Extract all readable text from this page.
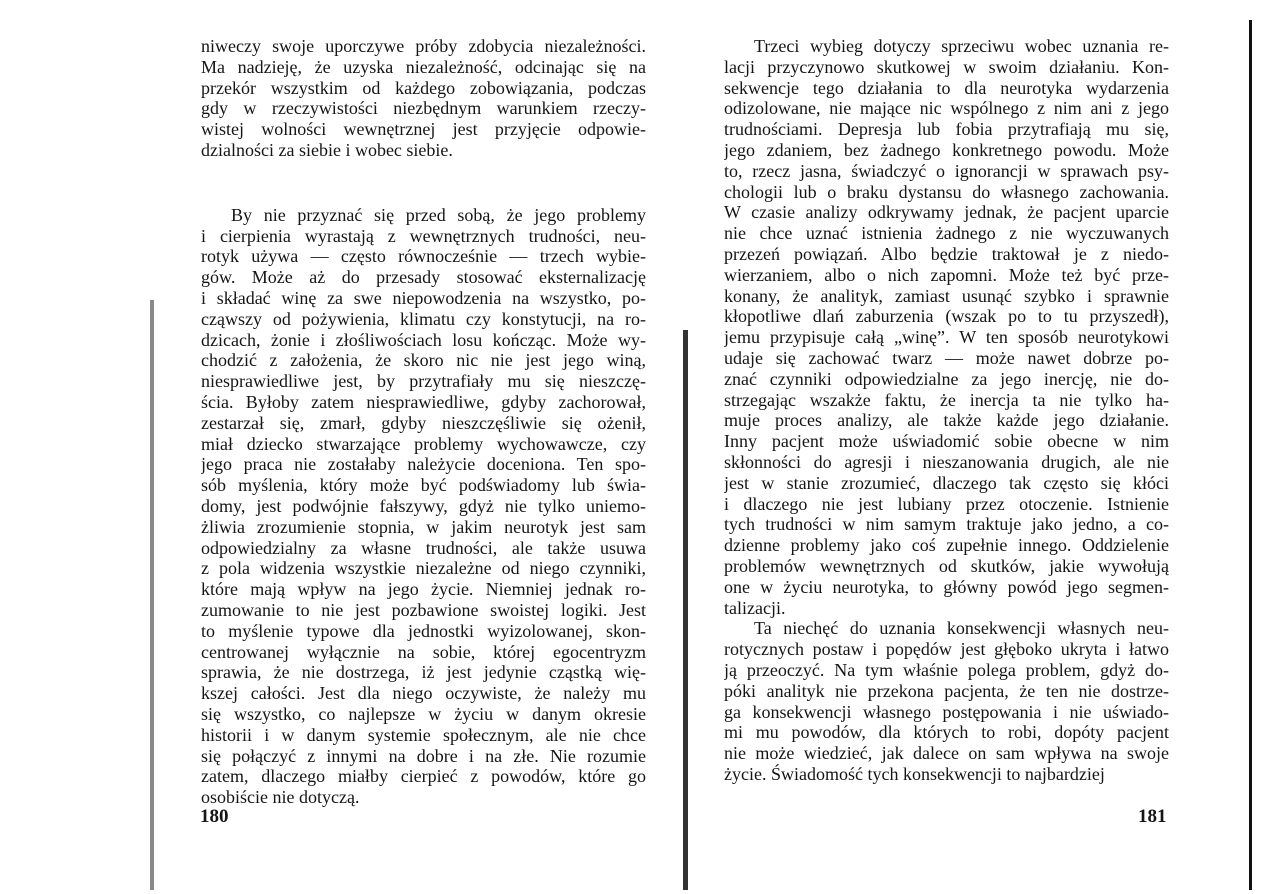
niweczy swoje uporczywe próby zdobycia niezależności.
Ma nadzieję, że uzyska niezależność, odcinając się na
przekór wszystkim od każdego zobowiązania, podczas
gdy w rzeczywistości niezbędnym warunkiem rzeczy-
wistej wolności wewnętrznej jest przyjęcie odpowie-
dzialności za siebie i wobec siebie.
By nie przyznać się przed sobą, że jego problemy
i cierpienia wyrastają z wewnętrznych trudności, neu-
rotyk używa — często równocześnie — trzech wybie-
gów. Może aż do przesady stosować eksternalizację
i składać winę za swe niepowodzenia na wszystko, po-
cząwszy od pożywienia, klimatu czy konstytucji, na ro-
dzicach, żonie i złośliwościach losu kończąc. Może wy-
chodzić z założenia, że skoro nic nie jest jego winą,
niesprawiedliwe jest, by przytrafiały mu się nieszczę-
ścia. Byłoby zatem niesprawiedliwe, gdyby zachorował,
zestarzał się, zmarł, gdyby nieszczęśliwie się ożenił,
miał dziecko stwarzające problemy wychowawcze, czy
jego praca nie zostałaby należycie doceniona. Ten spo-
sób myślenia, który może być podświadomy lub świa-
domy, jest podwójnie fałszywy, gdyż nie tylko uniemo-
żliwia zrozumienie stopnia, w jakim neurotyk jest sam
odpowiedzialny za własne trudności, ale także usuwa
z pola widzenia wszystkie niezależne od niego czynniki,
które mają wpływ na jego życie. Niemniej jednak ro-
zumowanie to nie jest pozbawione swoistej logiki. Jest
to myślenie typowe dla jednostki wyizolowanej, skon-
centrowanej wyłącznie na sobie, której egocentryzm
sprawia, że nie dostrzega, iż jest jedynie cząstką wię-
kszej całości. Jest dla niego oczywiste, że należy mu
się wszystko, co najlepsze w życiu w danym okresie
historii i w danym systemie społecznym, ale nie chce
się połączyć z innymi na dobre i na złe. Nie rozumie
zatem, dlaczego miałby cierpieć z powodów, które go
osobiście nie dotyczą.
Trzeci wybieg dotyczy sprzeciwu wobec uznania re-
lacji przyczynowo skutkowej w swoim działaniu. Kon-
sekwencje tego działania to dla neurotyka wydarzenia
odizolowane, nie mające nic wspólnego z nim ani z jego
trudnościami. Depresja lub fobia przytrafiają mu się,
jego zdaniem, bez żadnego konkretnego powodu. Może
to, rzecz jasna, świadczyć o ignorancji w sprawach psy-
chologii lub o braku dystansu do własnego zachowania.
W czasie analizy odkrywamy jednak, że pacjent uparcie
nie chce uznać istnienia żadnego z nie wyczuwanych
przezeń powiązań. Albo będzie traktował je z niedo-
wierzaniem, albo o nich zapomni. Może też być prze-
konany, że analityk, zamiast usunąć szybko i sprawnie
kłopotliwe dlań zaburzenia (wszak po to tu przyszedł),
jemu przypisuje całą „winę”. W ten sposób neurotykowi
udaje się zachować twarz — może nawet dobrze po-
znać czynniki odpowiedzialne za jego inercję, nie do-
strzegając wszakże faktu, że inercja ta nie tylko ha-
muje proces analizy, ale także każde jego działanie.
Inny pacjent może uświadomić sobie obecne w nim
skłonności do agresji i nieszanowania drugich, ale nie
jest w stanie zrozumieć, dlaczego tak często się kłóci
i dlaczego nie jest lubiany przez otoczenie. Istnienie
tych trudności w nim samym traktuje jako jedno, a co-
dzienne problemy jako coś zupełnie innego. Oddzielenie
problemów wewnętrznych od skutków, jakie wywołują
one w życiu neurotyka, to główny powód jego segmen-
talizacji.
Ta niechęć do uznania konsekwencji własnych neu-
rotycznych postaw i popędów jest głęboko ukryta i łatwo
ją przeoczyć. Na tym właśnie polega problem, gdyż do-
póki analityk nie przekona pacjenta, że ten nie dostrze-
ga konsekwencji własnego postępowania i nie uświado-
mi mu powodów, dla których to robi, dopóty pacjent
nie może wiedzieć, jak dalece on sam wpływa na swoje
życie. Świadomość tych konsekwencji to najbardziej
180	181
